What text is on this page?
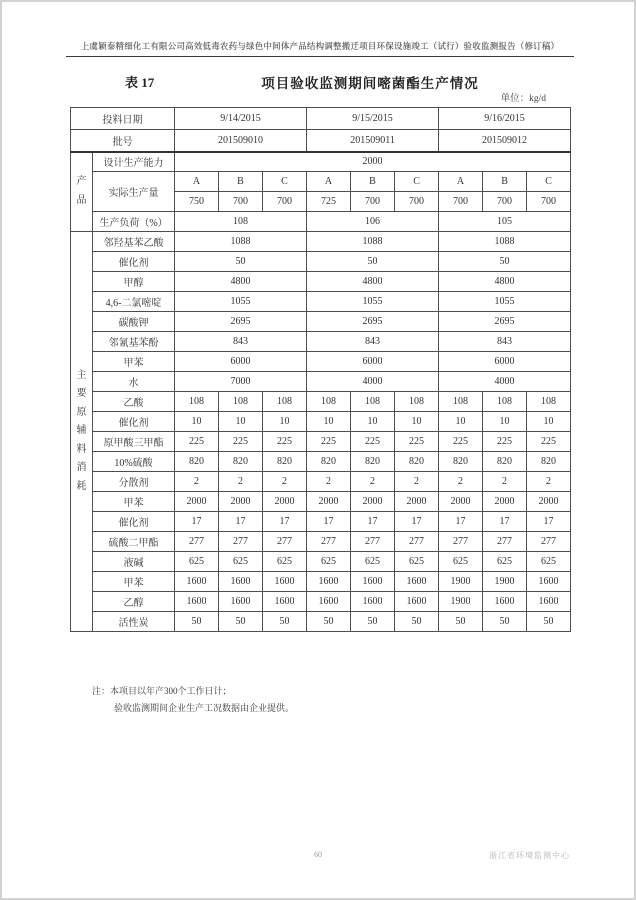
上虞颖泰精细化工有限公司高效低毒农药与绿色中间体产品结构调整搬迁项目环保设施竣工（试行）验收监测报告（修订稿）
表 17	项目验收监测期间嘧菌酯生产情况
单位：kg/d
投料日期		9/14/2015			9/15/2015			9/16/2015		
批号		201509010			201509011			201509012		
产品	设计生产能力	2000								
	实际生产量	A	B	C	A	B	C	A	B	C
		750	700	700	725	700	700	700	700	700
	生产负荷（%）	108			106			105		
主要原辅料消耗	邻羟基苯乙酸	1088			1088			1088		
	催化剂	50			50			50		
	甲醇	4800			4800			4800		
	4,6-二氯嘧啶	1055			1055			1055		
	碳酸钾	2695			2695			2695		
	邻氰基苯酚	843			843			843		
	甲苯	6000			6000			6000		
	水	7000			4000			4000		
	乙酸	108	108	108	108	108	108	108	108	108
	催化剂	10	10	10	10	10	10	10	10	10
	原甲酸三甲酯	225	225	225	225	225	225	225	225	225
	10%硫酸	820	820	820	820	820	820	820	820	820
	分散剂	2	2	2	2	2	2	2	2	2
	甲苯	2000	2000	2000	2000	2000	2000	2000	2000	2000
	催化剂	17	17	17	17	17	17	17	17	17
	硫酸二甲酯	277	277	277	277	277	277	277	277	277
	液碱	625	625	625	625	625	625	625	625	625
	甲苯	1600	1600	1600	1600	1600	1600	1900	1900	1600
	乙醇	1600	1600	1600	1600	1600	1600	1900	1600	1600
	活性炭	50	50	50	50	50	50	50	50	50
注：本项目以年产300个工作日计；
验收监测期间企业生产工况数据由企业提供。
60	浙江省环境监测中心
